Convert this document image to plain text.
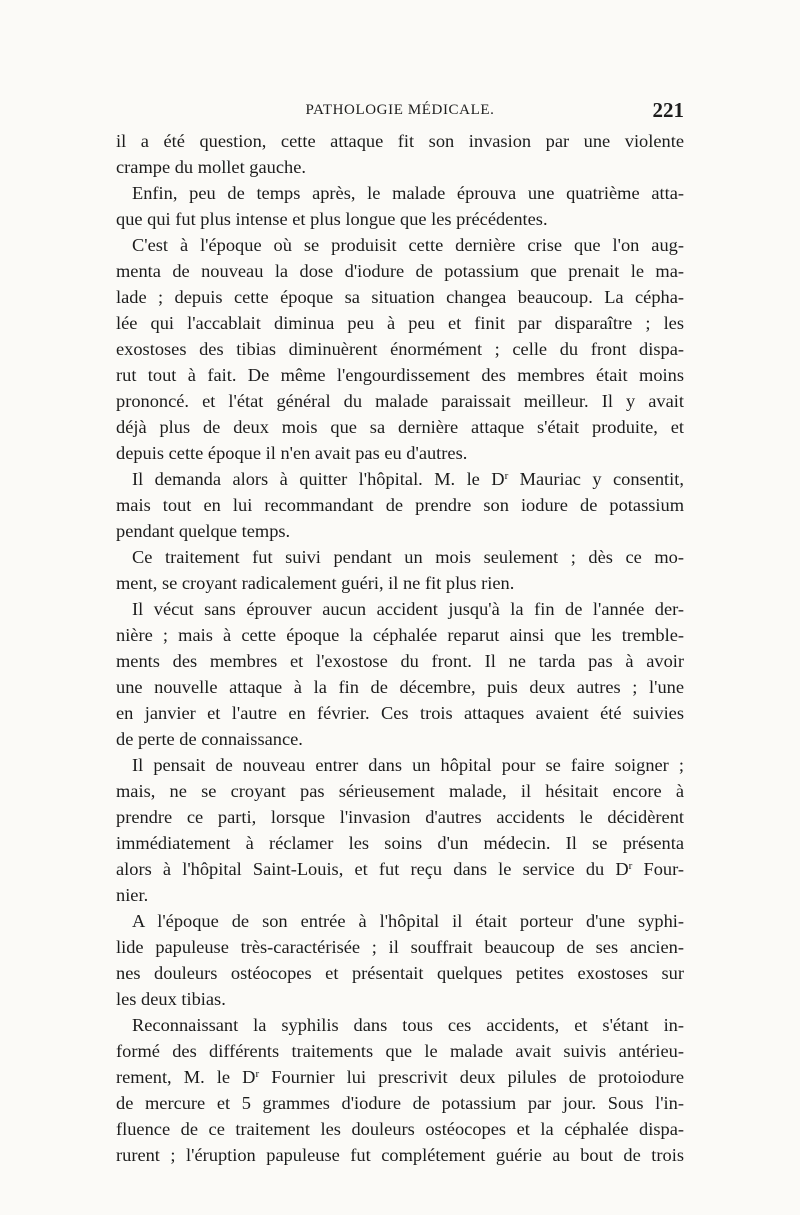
PATHOLOGIE MÉDICALE.	221

il a été question, cette attaque fit son invasion par une violente

crampe du mollet gauche.

Enfin, peu de temps après, le malade éprouva une quatrième atta-

que qui fut plus intense et plus longue que les précédentes.

C'est à l'époque où se produisit cette dernière crise que l'on aug-

menta de nouveau la dose d'iodure de potassium que prenait le ma-

lade ; depuis cette époque sa situation changea beaucoup. La cépha-

lée qui l'accablait diminua peu à peu et finit par disparaître ; les

exostoses des tibias diminuèrent énormément ; celle du front dispa-

rut tout à fait. De même l'engourdissement des membres était moins

prononcé. et l'état général du malade paraissait meilleur. Il y avait

déjà plus de deux mois que sa dernière attaque s'était produite, et

depuis cette époque il n'en avait pas eu d'autres.

Il demanda alors à quitter l'hôpital. M. le $D^r$ Mauriac y consentit,

mais tout en lui recommandant de prendre son iodure de potassium

pendant quelque temps.

Ce traitement fut suivi pendant un mois seulement ; dès ce mo-

ment, se croyant radicalement guéri, il ne fit plus rien.

Il vécut sans éprouver aucun accident jusqu'à la fin de l'année der-

nière ; mais à cette époque la céphalée reparut ainsi que les tremble-

ments des membres et l'exostose du front. Il ne tarda pas à avoir

une nouvelle attaque à la fin de décembre, puis deux autres ; l'une

en janvier et l'autre en février. Ces trois attaques avaient été suivies

de perte de connaissance.

Il pensait de nouveau entrer dans un hôpital pour se faire soigner ;

mais, ne se croyant pas sérieusement malade, il hésitait encore à

prendre ce parti, lorsque l'invasion d'autres accidents le décidèrent

immédiatement à réclamer les soins d'un médecin. Il se présenta

alors à l'hôpital Saint-Louis, et fut reçu dans le service du $D^r$ Four-

nier.

A l'époque de son entrée à l'hôpital il était porteur d'une syphi-

lide papuleuse très-caractérisée ; il souffrait beaucoup de ses ancien-

nes douleurs ostéocopes et présentait quelques petites exostoses sur

les deux tibias.

Reconnaissant la syphilis dans tous ces accidents, et s'étant in-

formé des différents traitements que le malade avait suivis antérieu-

rement, M. le $D^r$ Fournier lui prescrivit deux pilules de protoiodure

de mercure et 5 grammes d'iodure de potassium par jour. Sous l'in-

fluence de ce traitement les douleurs ostéocopes et la céphalée dispa-

rurent ; l'éruption papuleuse fut complétement guérie au bout de trois
